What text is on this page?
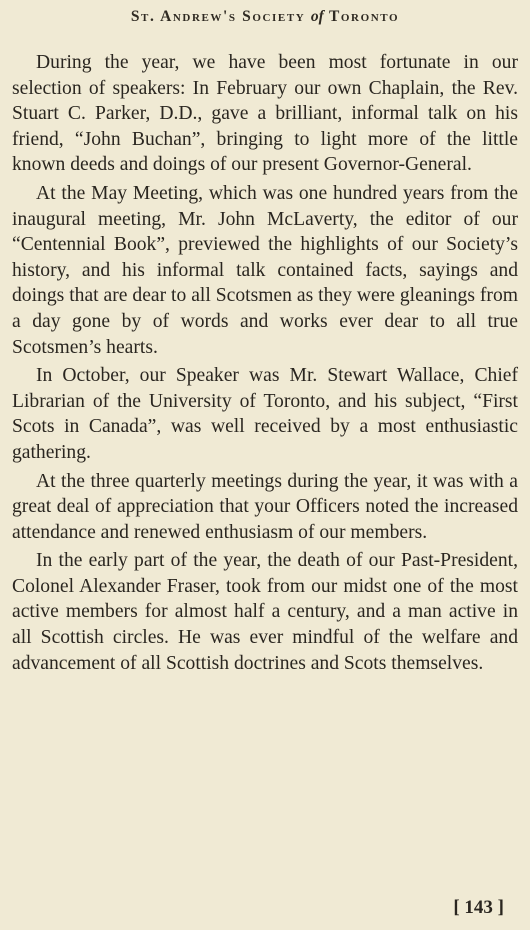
St. Andrew's Society of Toronto

During the year, we have been most fortunate in our selection of speakers: In February our own Chaplain, the Rev. Stuart C. Parker, D.D., gave a brilliant, informal talk on his friend, “John Buchan”, bringing to light more of the little known deeds and doings of our present Governor-General.

At the May Meeting, which was one hundred years from the inaugural meeting, Mr. John McLaverty, the editor of our “Centennial Book”, previewed the highlights of our Society’s history, and his informal talk contained facts, sayings and doings that are dear to all Scotsmen as they were gleanings from a day gone by of words and works ever dear to all true Scotsmen’s hearts.

In October, our Speaker was Mr. Stewart Wallace, Chief Librarian of the University of Toronto, and his subject, “First Scots in Canada”, was well received by a most enthusiastic gathering.

At the three quarterly meetings during the year, it was with a great deal of appreciation that your Officers noted the increased attendance and renewed enthusiasm of our members.

In the early part of the year, the death of our Past-President, Colonel Alexander Fraser, took from our midst one of the most active members for almost half a century, and a man active in all Scottish circles. He was ever mindful of the welfare and advancement of all Scottish doctrines and Scots themselves.

[ 143 ]
